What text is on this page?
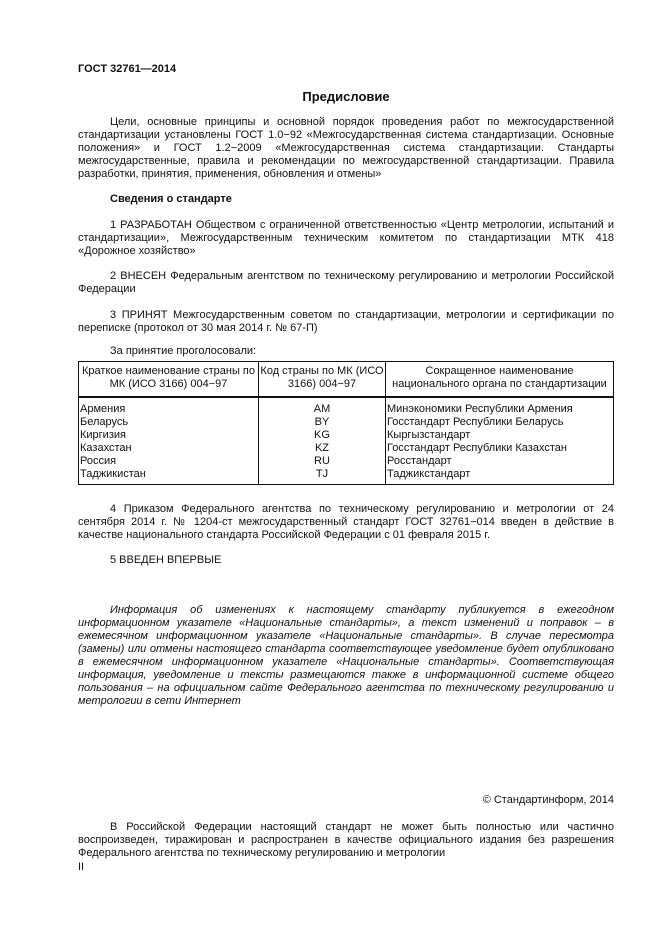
ГОСТ 32761—2014
Предисловие
Цели, основные принципы и основной порядок проведения работ по межгосударственной стандартизации установлены ГОСТ 1.0−92 «Межгосударственная система стандартизации. Основные положения» и ГОСТ 1.2−2009 «Межгосударственная система стандартизации. Стандарты межгосударственные, правила и рекомендации по межгосударственной стандартизации. Правила разработки, принятия, применения, обновления и отмены»
Сведения о стандарте
1 РАЗРАБОТАН Обществом с ограниченной ответственностью «Центр метрологии, испытаний и стандартизации», Межгосударственным техническим комитетом по стандартизации МТК 418 «Дорожное хозяйство»
2 ВНЕСЕН Федеральным агентством по техническому регулированию и метрологии Российской Федерации
3 ПРИНЯТ Межгосударственным советом по стандартизации, метрологии и сертификации по переписке (протокол от 30 мая 2014 г. № 67-П)
За принятие проголосовали:
Краткое наименование страны по МК (ИСО 3166) 004−97	Код страны по МК (ИСО 3166) 004−97	Сокращенное наименование национального органа по стандартизации
Армения	AM	Минэкономики Республики Армения
Беларусь	BY	Госстандарт Республики Беларусь
Киргизия	KG	Кыргызстандарт
Казахстан	KZ	Госстандарт Республики Казахстан
Россия	RU	Росстандарт
Таджикистан	TJ	Таджикстандарт
4 Приказом Федерального агентства по техническому регулированию и метрологии от 24 сентября 2014 г. № 1204-ст межгосударственный стандарт ГОСТ 32761−014 введен в действие в качестве национального стандарта Российской Федерации с 01 февраля 2015 г.
5 ВВЕДЕН ВПЕРВЫЕ
Информация об изменениях к настоящему стандарту публикуется в ежегодном информационном указателе «Национальные стандарты», а текст изменений и поправок – в ежемесячном информационном указателе «Национальные стандарты». В случае пересмотра (замены) или отмены настоящего стандарта соответствующее уведомление будет опубликовано в ежемесячном информационном указателе «Национальные стандарты». Соответствующая информация, уведомление и тексты размещаются также в информационной системе общего пользования – на официальном сайте Федерального агентства по техническому регулированию и метрологии в сети Интернет
© Стандартинформ, 2014
В Российской Федерации настоящий стандарт не может быть полностью или частично воспроизведен, тиражирован и распространен в качестве официального издания без разрешения Федерального агентства по техническому регулированию и метрологии
II
